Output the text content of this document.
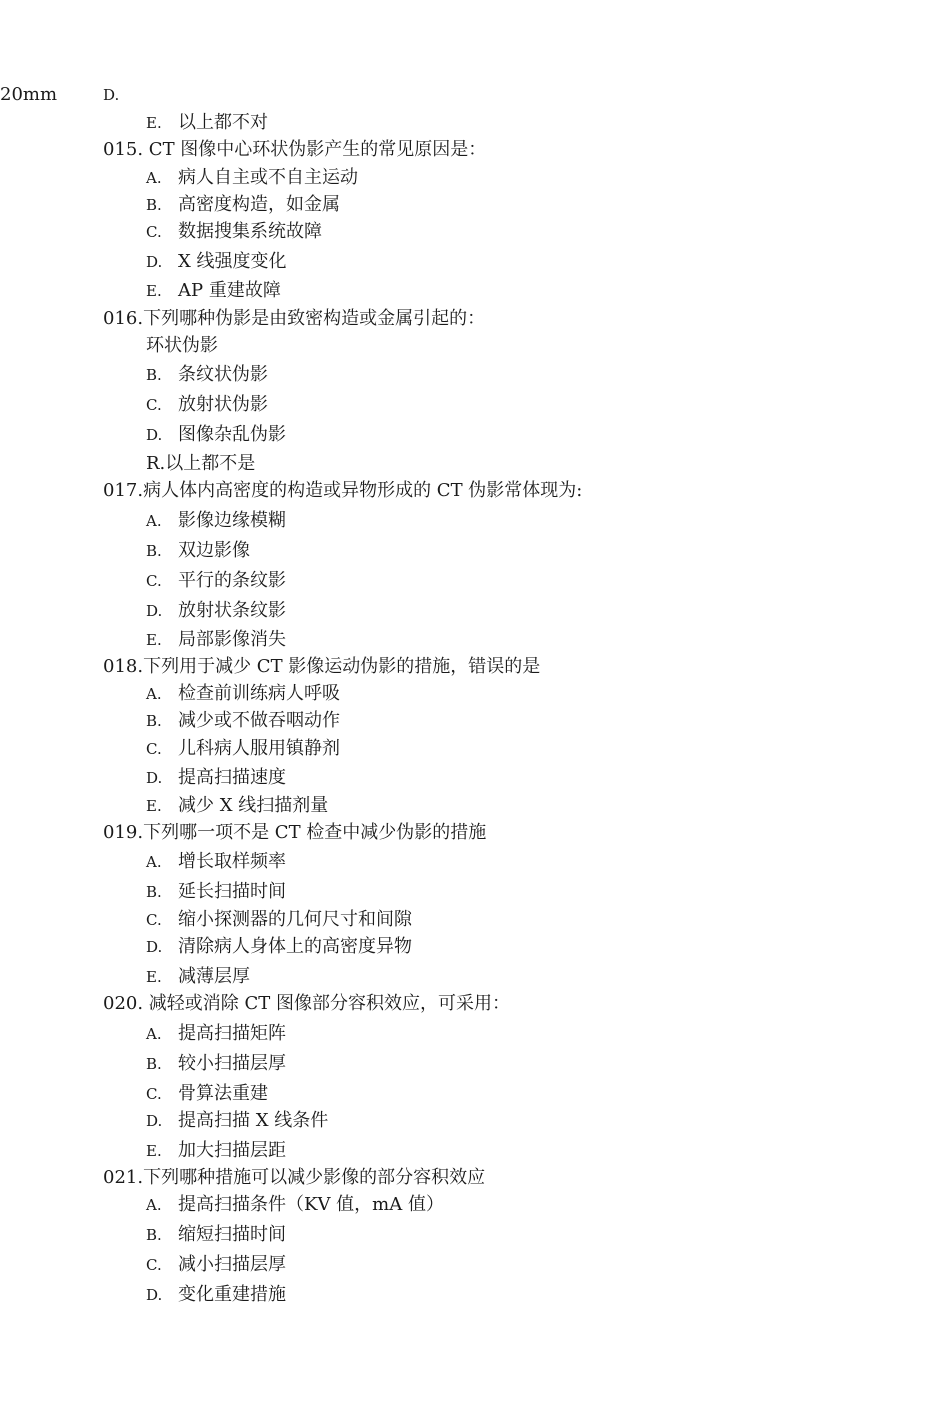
D.
20mm
E. 以上都不对
015. CT 图像中心环状伪影产生的常见原因是：
A. 病人自主或不自主运动
B. 高密度构造，如金属
C. 数据搜集系统故障
D. X 线强度变化
E. AP 重建故障
016.下列哪种伪影是由致密构造或金属引起的：
环状伪影
B. 条纹状伪影
C. 放射状伪影
D. 图像杂乱伪影
R.以上都不是
017.病人体内高密度的构造或异物形成的 CT 伪影常体现为:
A. 影像边缘模糊
B. 双边影像
C. 平行的条纹影
D. 放射状条纹影
E. 局部影像消失
018.下列用于减少 CT 影像运动伪影的措施，错误的是
A. 检查前训练病人呼吸
B. 减少或不做吞咽动作
C. 儿科病人服用镇静剂
D. 提高扫描速度
E. 减少 X 线扫描剂量
019.下列哪一项不是 CT 检查中减少伪影的措施
A. 增长取样频率
B. 延长扫描时间
C. 缩小探测器的几何尺寸和间隙
D. 清除病人身体上的高密度异物
E. 减薄层厚
020. 减轻或消除 CT 图像部分容积效应，可采用：
A. 提高扫描矩阵
B. 较小扫描层厚
C. 骨算法重建
D. 提高扫描 X 线条件
E. 加大扫描层距
021.下列哪种措施可以减少影像的部分容积效应
A. 提高扫描条件（KV 值，mA 值）
B. 缩短扫描时间
C. 减小扫描层厚
D. 变化重建措施
